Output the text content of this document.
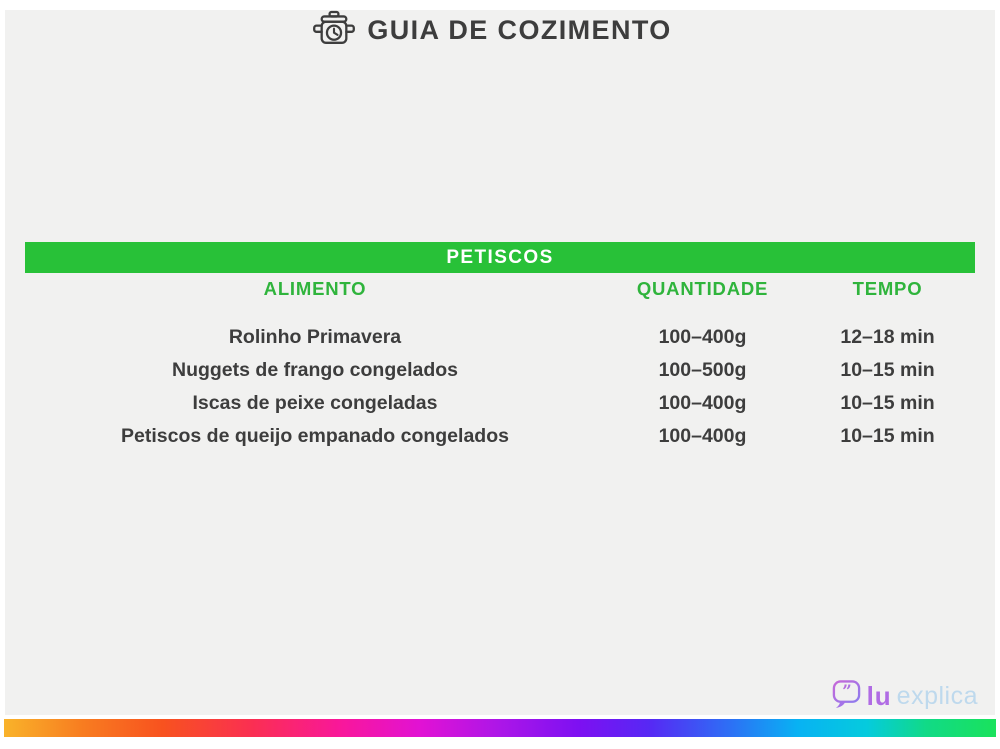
GUIA DE COZIMENTO
PETISCOS
ALIMENTO	QUANTIDADE	TEMPO
Rolinho Primavera	100–400g	12–18 min
Nuggets de frango congelados	100–500g	10–15 min
Iscas de peixe congeladas	100–400g	10–15 min
Petiscos de queijo empanado congelados	100–400g	10–15 min
” lu explica
